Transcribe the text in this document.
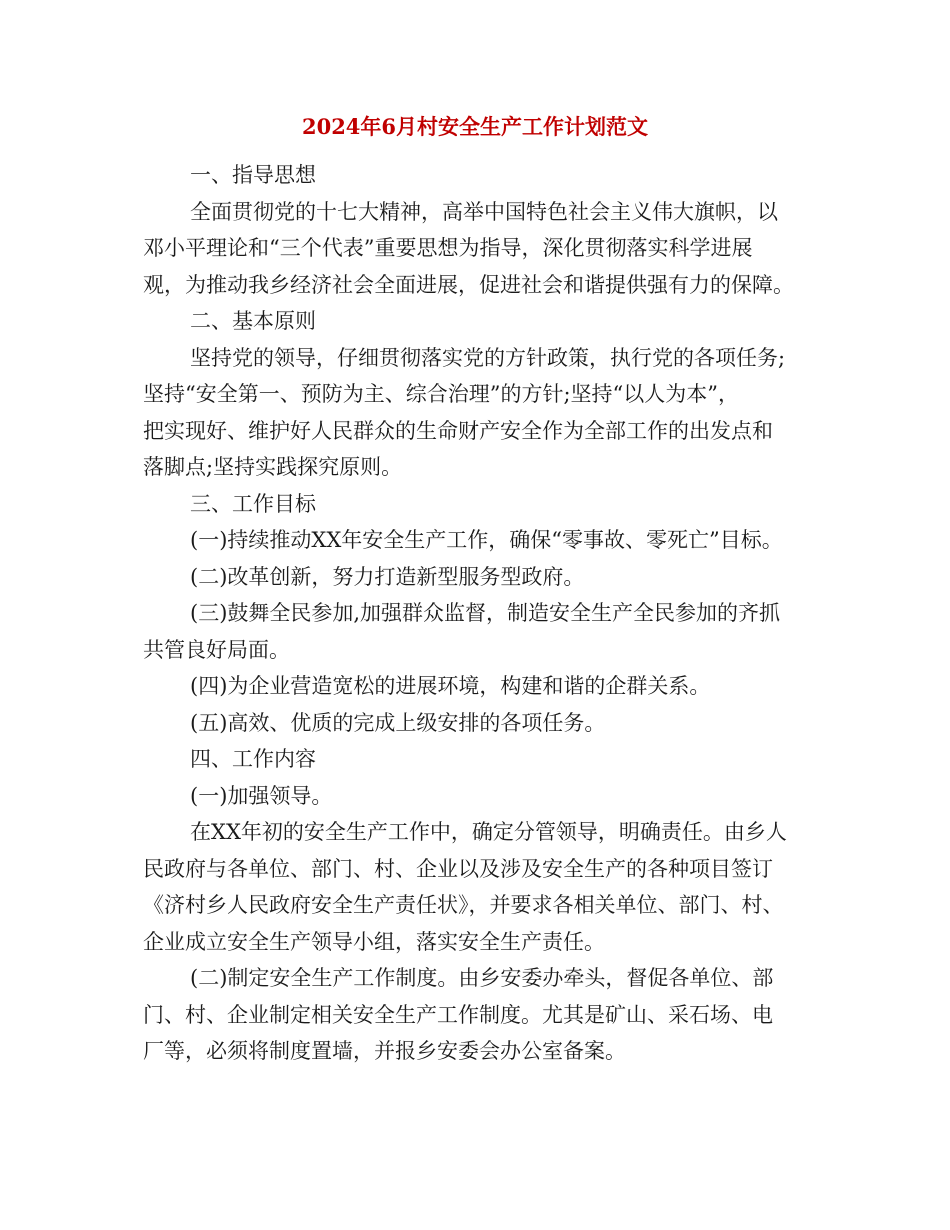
2024年6月村安全生产工作计划范文
一、指导思想
全面贯彻党的十七大精神，高举中国特色社会主义伟大旗帜，以
邓小平理论和“三个代表”重要思想为指导，深化贯彻落实科学进展
观，为推动我乡经济社会全面进展，促进社会和谐提供强有力的保障。
二、基本原则
坚持党的领导，仔细贯彻落实党的方针政策，执行党的各项任务;
坚持“安全第一、预防为主、综合治理”的方针;坚持“以人为本”，
把实现好、维护好人民群众的生命财产安全作为全部工作的出发点和
落脚点;坚持实践探究原则。
三、工作目标
(一)持续推动XX年安全生产工作，确保“零事故、零死亡”目标。
(二)改革创新，努力打造新型服务型政府。
(三)鼓舞全民参加,加强群众监督，制造安全生产全民参加的齐抓
共管良好局面。
(四)为企业营造宽松的进展环境，构建和谐的企群关系。
(五)高效、优质的完成上级安排的各项任务。
四、工作内容
(一)加强领导。
在XX年初的安全生产工作中，确定分管领导，明确责任。由乡人
民政府与各单位、部门、村、企业以及涉及安全生产的各种项目签订
《济村乡人民政府安全生产责任状》，并要求各相关单位、部门、村、
企业成立安全生产领导小组，落实安全生产责任。
(二)制定安全生产工作制度。由乡安委办牵头，督促各单位、部
门、村、企业制定相关安全生产工作制度。尤其是矿山、采石场、电
厂等，必须将制度置墙，并报乡安委会办公室备案。
